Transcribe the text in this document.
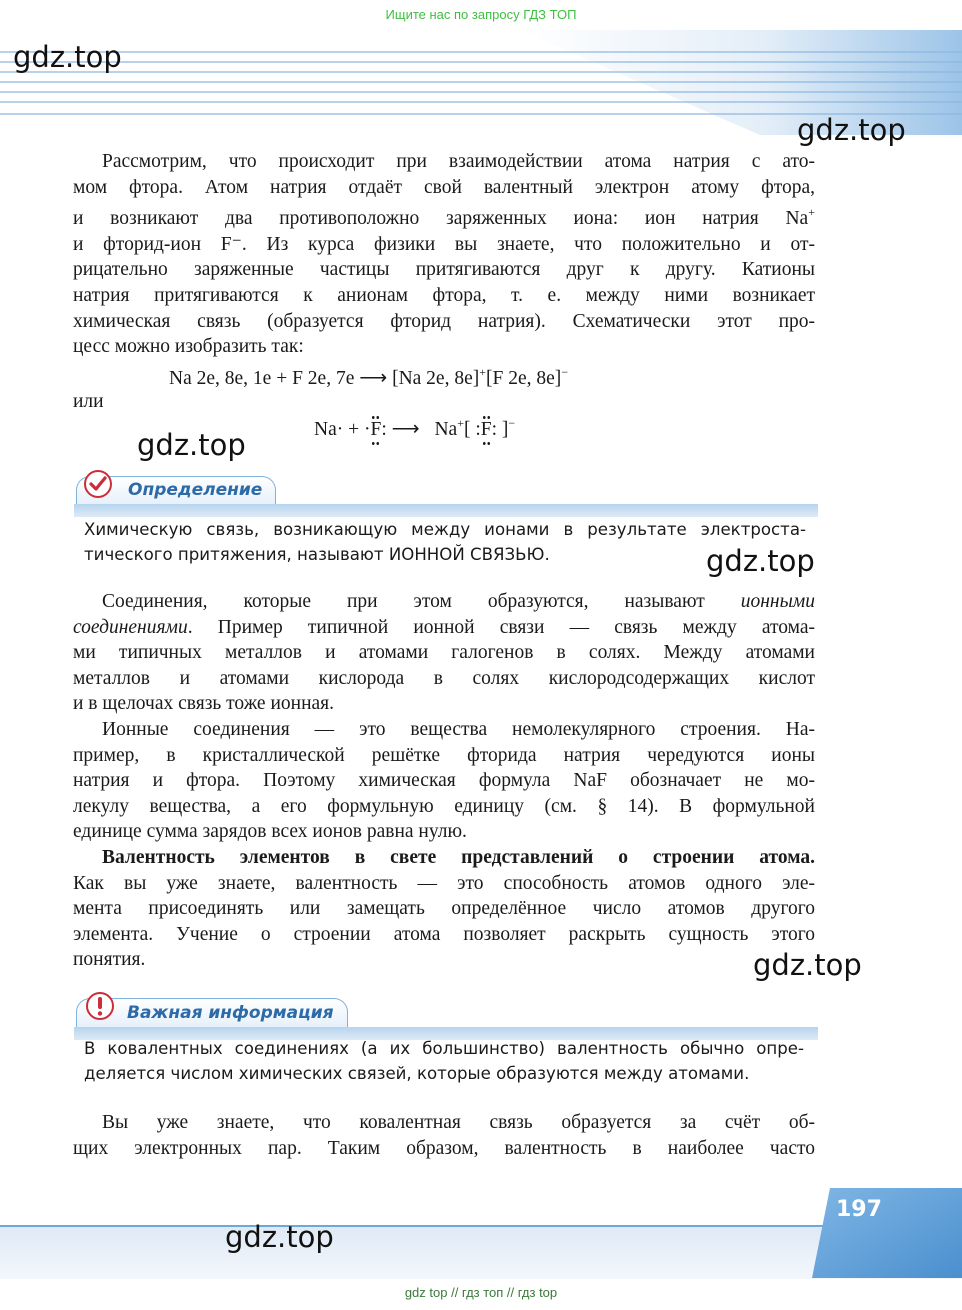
Ищите нас по запросу ГДЗ ТОП
gdz.top
gdz.top
Рассмотрим, что происходит при взаимодействии атома натрия с ато-
мом фтора. Атом натрия отдаёт свой валентный электрон атому фтора,
и возникают два противоположно заряженных иона: ион натрия Na+
и фторид-ион F⁻. Из курса физики вы знаете, что положительно и от-
рицательно заряженные частицы притягиваются друг к другу. Катионы
натрия притягиваются к анионам фтора, т. е. между ними возникает
химическая связь (образуется фторид натрия). Схематически этот про-
цесс можно изобразить так:
Na 2e, 8e, 1e + F 2e, 7e ⟶ [Na 2e, 8e]+[F 2e, 8e]−
или
Na· + ·F: ⟶ Na+[ :F: ]−
gdz.top
Определение
Химическую связь, возникающую между ионами в результате электроста-
тического притяжения, называют ИОННОЙ СВЯЗЬЮ.	gdz.top
Соединения, которые при этом образуются, называют ионными
соединениями. Пример типичной ионной связи — связь между атома-
ми типичных металлов и атомами галогенов в солях. Между атомами
металлов и атомами кислорода в солях кислородсодержащих кислот
и в щелочах связь тоже ионная.
Ионные соединения — это вещества немолекулярного строения. На-
пример, в кристаллической решётке фторида натрия чередуются ионы
натрия и фтора. Поэтому химическая формула NaF обозначает не мо-
лекулу вещества, а его формульную единицу (см. § 14). В формульной
единице сумма зарядов всех ионов равна нулю.
Валентность элементов в свете представлений о строении атома.
Как вы уже знаете, валентность — это способность атомов одного эле-
мента присоединять или замещать определённое число атомов другого
элемента. Учение о строении атома позволяет раскрыть сущность этого
понятия.	gdz.top
Важная информация
В ковалентных соединениях (а их большинство) валентность обычно опре-
деляется числом химических связей, которые образуются между атомами.
Вы уже знаете, что ковалентная связь образуется за счёт об-
щих электронных пар. Таким образом, валентность в наиболее часто
197
gdz.top
gdz top // гдз топ // гдз top
